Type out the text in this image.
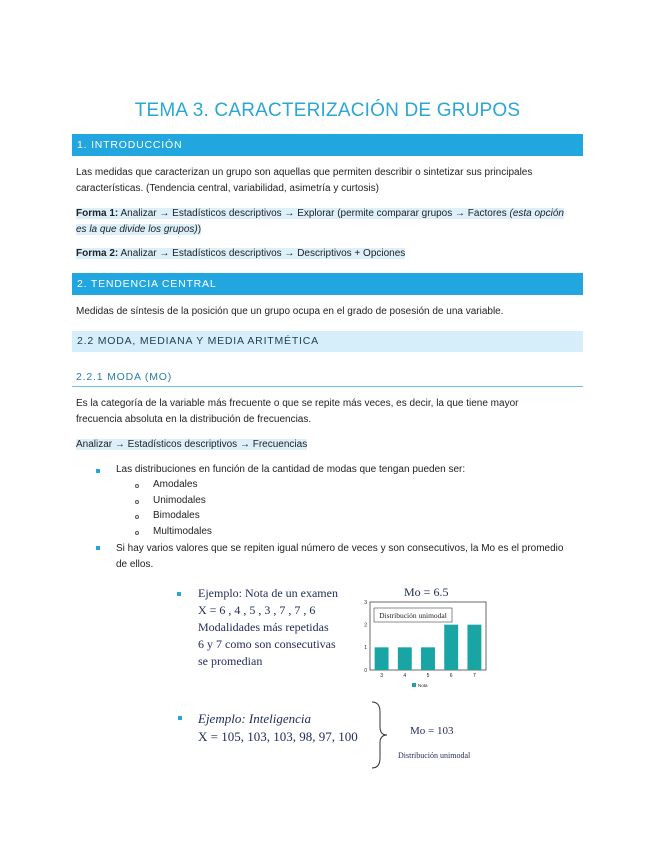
TEMA 3. CARACTERIZACIÓN DE GRUPOS
1. INTRODUCCIÓN
Las medidas que caracterizan un grupo son aquellas que permiten describir o sintetizar sus principales
características. (Tendencia central, variabilidad, asimetría y curtosis)
Forma 1: Analizar → Estadísticos descriptivos → Explorar (permite comparar grupos → Factores (esta opción
es la que divide los grupos))
Forma 2: Analizar → Estadísticos descriptivos → Descriptivos + Opciones
2. TENDENCIA CENTRAL
Medidas de síntesis de la posición que un grupo ocupa en el grado de posesión de una variable.
2.2 MODA, MEDIANA Y MEDIA ARITMÉTICA
2.2.1 MODA (MO)
Es la categoría de la variable más frecuente o que se repite más veces, es decir, la que tiene mayor
frecuencia absoluta en la distribución de frecuencias.
Analizar → Estadísticos descriptivos → Frecuencias
Las distribuciones en función de la cantidad de modas que tengan pueden ser:
Amodales
Unimodales
Bimodales
Multimodales
Si hay varios valores que se repiten igual número de veces y son consecutivos, la Mo es el promedio
de ellos.
Ejemplo: Nota de un examen
X = 6 , 4 , 5 , 3 , 7 , 7 , 6
Modalidades más repetidas
6 y 7 como son consecutivas
se promedian
Mo = 6.5
Distribución unimodal
0
1
2
3
3	4	5	6	7
Nota
Ejemplo: Inteligencia
X = 105, 103, 103, 98, 97, 100	Mo = 103
Distribución unimodal
